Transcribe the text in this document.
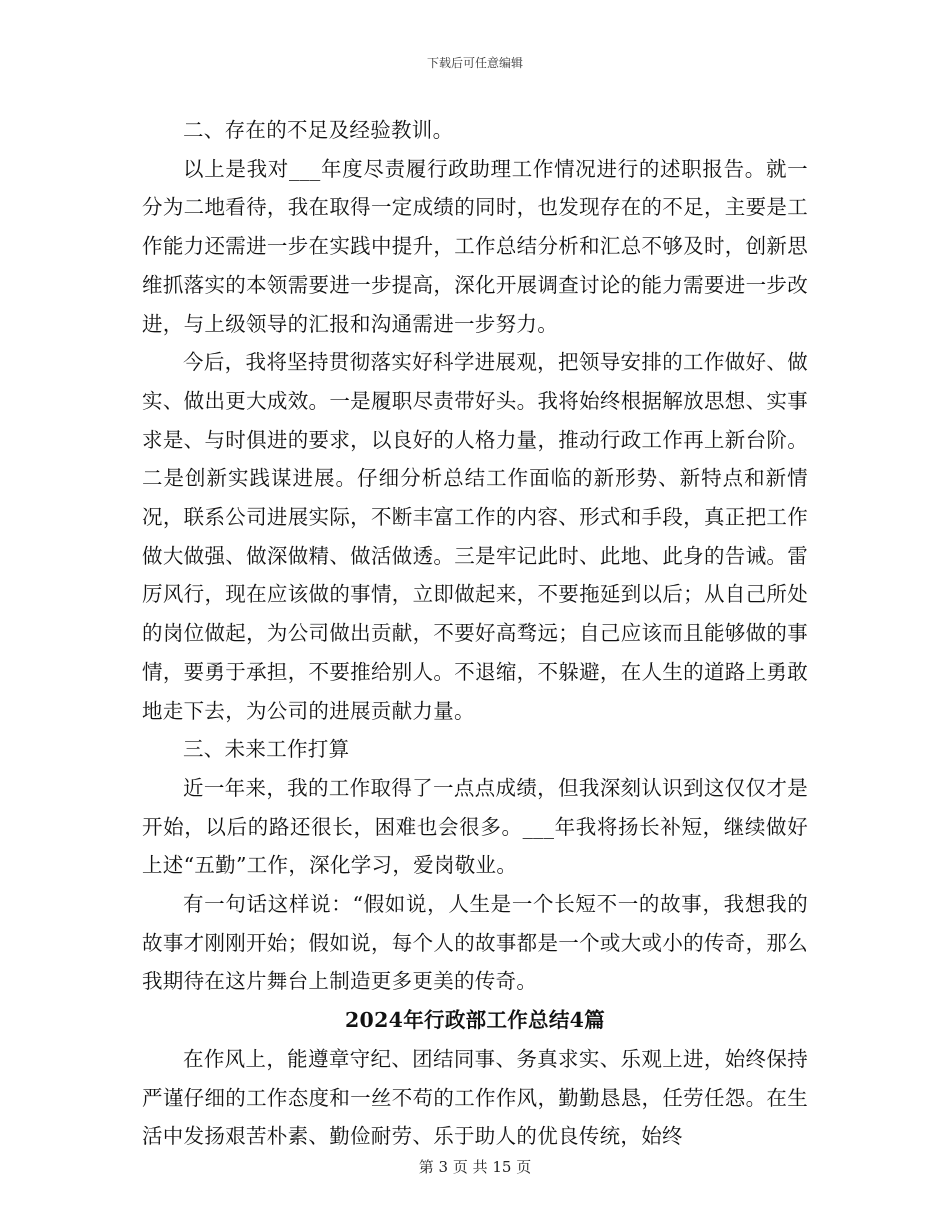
下载后可任意编辑

二、存在的不足及经验教训。

以上是我对___年度尽责履行政助理工作情况进行的述职报告。就一分为二地看待，我在取得一定成绩的同时，也发现存在的不足，主要是工作能力还需进一步在实践中提升，工作总结分析和汇总不够及时，创新思维抓落实的本领需要进一步提高，深化开展调查讨论的能力需要进一步改进，与上级领导的汇报和沟通需进一步努力。

今后，我将坚持贯彻落实好科学进展观，把领导安排的工作做好、做实、做出更大成效。一是履职尽责带好头。我将始终根据解放思想、实事求是、与时俱进的要求，以良好的人格力量，推动行政工作再上新台阶。二是创新实践谋进展。仔细分析总结工作面临的新形势、新特点和新情况，联系公司进展实际，不断丰富工作的内容、形式和手段，真正把工作做大做强、做深做精、做活做透。三是牢记此时、此地、此身的告诫。雷厉风行，现在应该做的事情，立即做起来，不要拖延到以后；从自己所处的岗位做起，为公司做出贡献，不要好高骛远；自己应该而且能够做的事情，要勇于承担，不要推给别人。不退缩，不躲避，在人生的道路上勇敢地走下去，为公司的进展贡献力量。

三、未来工作打算

近一年来，我的工作取得了一点点成绩，但我深刻认识到这仅仅才是开始，以后的路还很长，困难也会很多。___年我将扬长补短，继续做好上述“五勤”工作，深化学习，爱岗敬业。

有一句话这样说：“假如说，人生是一个长短不一的故事，我想我的故事才刚刚开始；假如说，每个人的故事都是一个或大或小的传奇，那么我期待在这片舞台上制造更多更美的传奇。

2024年行政部工作总结4篇

在作风上，能遵章守纪、团结同事、务真求实、乐观上进，始终保持严谨仔细的工作态度和一丝不苟的工作作风，勤勤恳恳，任劳任怨。在生活中发扬艰苦朴素、勤俭耐劳、乐于助人的优良传统，始终

第 3 页 共 15 页
